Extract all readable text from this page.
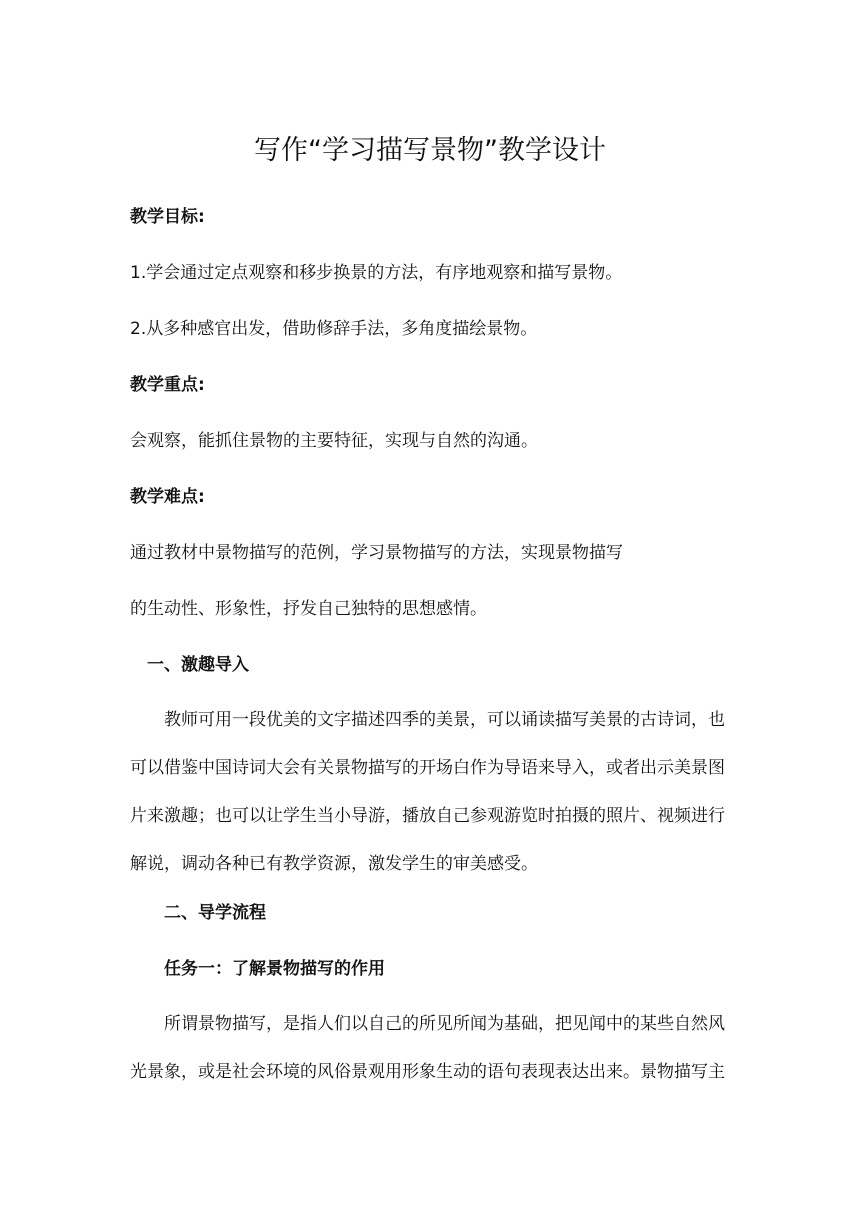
写作“学习描写景物”教学设计
教学目标:
1.学会通过定点观察和移步换景的方法，有序地观察和描写景物。
2.从多种感官出发，借助修辞手法，多角度描绘景物。
教学重点:
会观察，能抓住景物的主要特征，实现与自然的沟通。
教学难点:
通过教材中景物描写的范例，学习景物描写的方法，实现景物描写
的生动性、形象性，抒发自己独特的思想感情。
一、激趣导入
教师可用一段优美的文字描述四季的美景，可以诵读描写美景的古诗词，也
可以借鉴中国诗词大会有关景物描写的开场白作为导语来导入，或者出示美景图
片来激趣；也可以让学生当小导游，播放自己参观游览时拍摄的照片、视频进行
解说，调动各种已有教学资源，激发学生的审美感受。
二、导学流程
任务一：了解景物描写的作用
所谓景物描写，是指人们以自己的所见所闻为基础，把见闻中的某些自然风
光景象，或是社会环境的风俗景观用形象生动的语句表现表达出来。景物描写主
